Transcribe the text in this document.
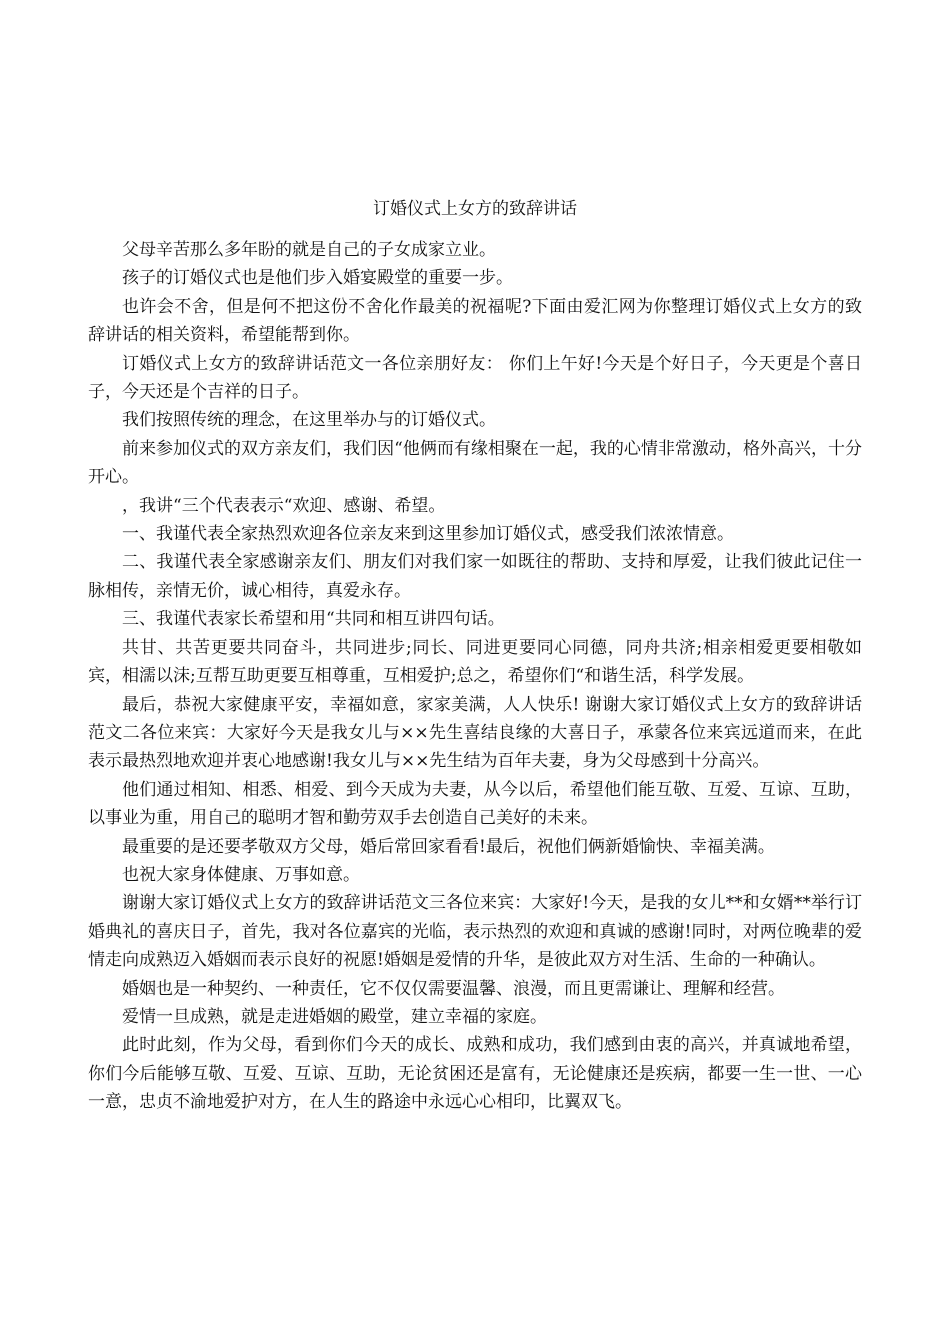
订婚仪式上女方的致辞讲话

父母辛苦那么多年盼的就是自己的子女成家立业。

孩子的订婚仪式也是他们步入婚宴殿堂的重要一步。

也许会不舍，但是何不把这份不舍化作最美的祝福呢?下面由爱汇网为你整理订婚仪式上女方的致辞讲话的相关资料，希望能帮到你。

订婚仪式上女方的致辞讲话范文一各位亲朋好友： 你们上午好!今天是个好日子，今天更是个喜日子，今天还是个吉祥的日子。

我们按照传统的理念，在这里举办与的订婚仪式。

前来参加仪式的双方亲友们，我们因“他俩而有缘相聚在一起，我的心情非常激动，格外高兴，十分开心。

，我讲“三个代表表示“欢迎、感谢、希望。

一、我谨代表全家热烈欢迎各位亲友来到这里参加订婚仪式，感受我们浓浓情意。

二、我谨代表全家感谢亲友们、朋友们对我们家一如既往的帮助、支持和厚爱，让我们彼此记住一脉相传，亲情无价，诚心相待，真爱永存。

三、我谨代表家长希望和用“共同和相互讲四句话。

共甘、共苦更要共同奋斗，共同进步;同长、同进更要同心同德，同舟共济;相亲相爱更要相敬如宾，相濡以沫;互帮互助更要互相尊重，互相爱护;总之，希望你们“和谐生活，科学发展。

最后，恭祝大家健康平安，幸福如意，家家美满，人人快乐! 谢谢大家订婚仪式上女方的致辞讲话范文二各位来宾：大家好今天是我女儿与××先生喜结良缘的大喜日子，承蒙各位来宾远道而来，在此表示最热烈地欢迎并衷心地感谢!我女儿与××先生结为百年夫妻，身为父母感到十分高兴。

他们通过相知、相悉、相爱、到今天成为夫妻，从今以后，希望他们能互敬、互爱、互谅、互助，以事业为重，用自己的聪明才智和勤劳双手去创造自己美好的未来。

最重要的是还要孝敬双方父母，婚后常回家看看!最后，祝他们俩新婚愉快、幸福美满。

也祝大家身体健康、万事如意。

谢谢大家订婚仪式上女方的致辞讲话范文三各位来宾：大家好!今天，是我的女儿**和女婿**举行订婚典礼的喜庆日子，首先，我对各位嘉宾的光临，表示热烈的欢迎和真诚的感谢!同时，对两位晚辈的爱情走向成熟迈入婚姻而表示良好的祝愿!婚姻是爱情的升华，是彼此双方对生活、生命的一种确认。

婚姻也是一种契约、一种责任，它不仅仅需要温馨、浪漫，而且更需谦让、理解和经营。

爱情一旦成熟，就是走进婚姻的殿堂，建立幸福的家庭。

此时此刻，作为父母，看到你们今天的成长、成熟和成功，我们感到由衷的高兴，并真诚地希望，你们今后能够互敬、互爱、互谅、互助，无论贫困还是富有，无论健康还是疾病，都要一生一世、一心一意，忠贞不渝地爱护对方，在人生的路途中永远心心相印，比翼双飞。
